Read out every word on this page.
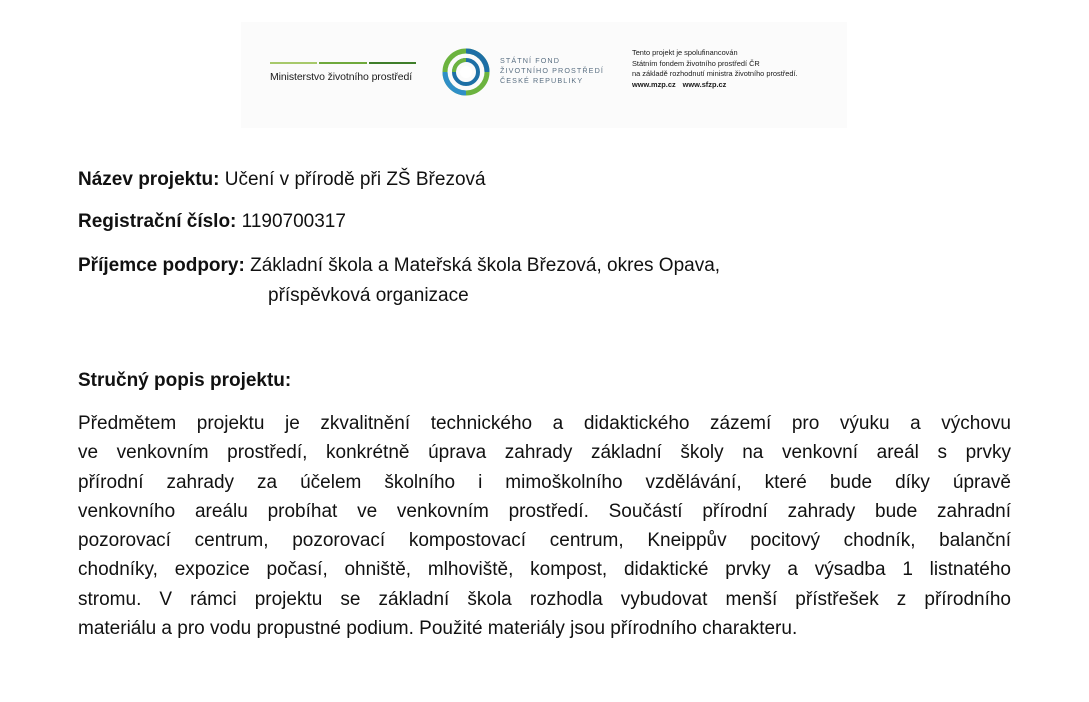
Ministerstvo životního prostředí
STÁTNÍ FOND
ŽIVOTNÍHO PROSTŘEDÍ
ČESKÉ REPUBLIKY
Tento projekt je spolufinancován
Státním fondem životního prostředí ČR
na základě rozhodnutí ministra životního prostředí.
www.mzp.cz www.sfzp.cz
Název projektu: Učení v přírodě při ZŠ Březová
Registrační číslo: 1190700317
Příjemce podpory: Základní škola a Mateřská škola Březová, okres Opava,
příspěvková organizace
Stručný popis projektu:
Předmětem projektu je zkvalitnění technického a didaktického zázemí pro výuku a výchovu
ve venkovním prostředí, konkrétně úprava zahrady základní školy na venkovní areál s prvky
přírodní zahrady za účelem školního i mimoškolního vzdělávání, které bude díky úpravě
venkovního areálu probíhat ve venkovním prostředí. Součástí přírodní zahrady bude zahradní
pozorovací centrum, pozorovací kompostovací centrum, Kneippův pocitový chodník, balanční
chodníky, expozice počasí, ohniště, mlhoviště, kompost, didaktické prvky a výsadba 1 listnatého
stromu. V rámci projektu se základní škola rozhodla vybudovat menší přístřešek z přírodního
materiálu a pro vodu propustné podium. Použité materiály jsou přírodního charakteru.
